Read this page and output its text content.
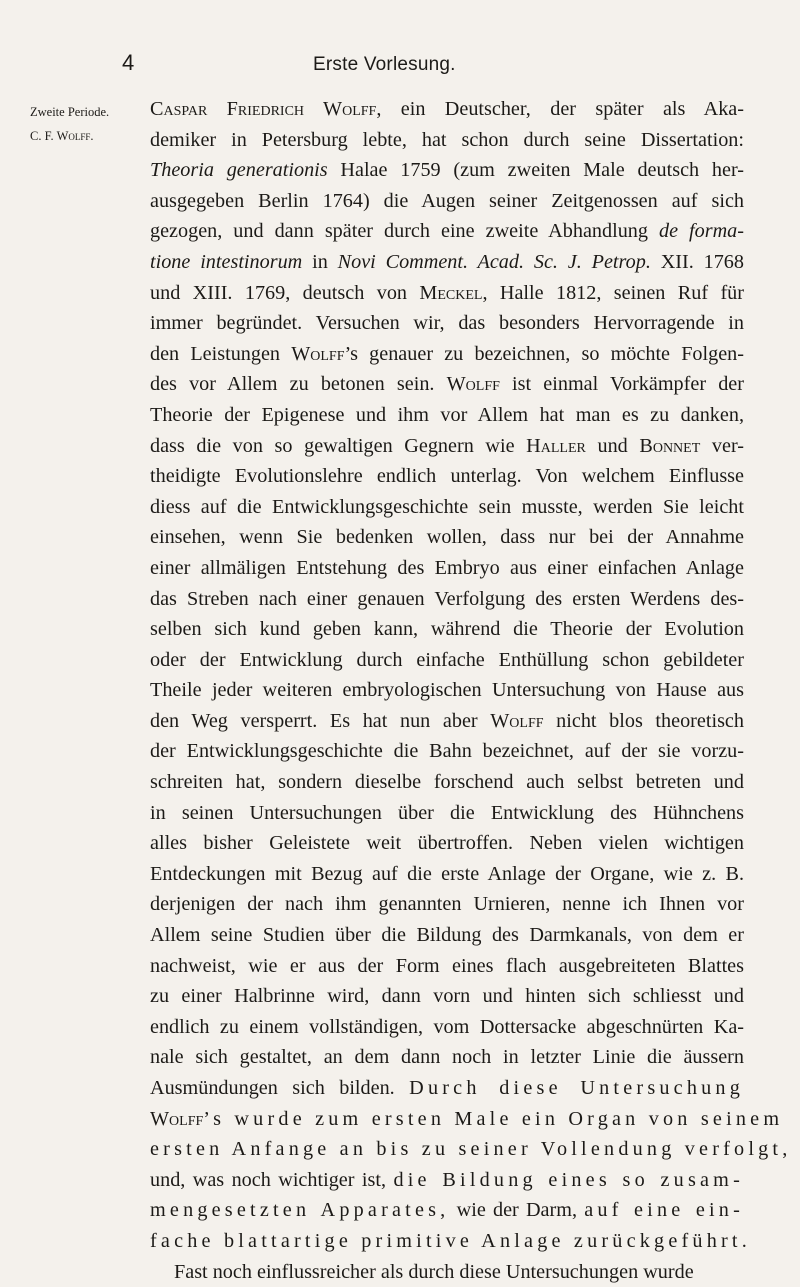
4	Erste Vorlesung.
Zweite Periode.
C. F. Wolff.
Caspar Friedrich Wolff, ein Deutscher, der später als Aka-
demiker in Petersburg lebte, hat schon durch seine Dissertation:
Theoria generationis Halae 1759 (zum zweiten Male deutsch her-
ausgegeben Berlin 1764) die Augen seiner Zeitgenossen auf sich
gezogen, und dann später durch eine zweite Abhandlung de forma-
tione intestinorum in Novi Comment. Acad. Sc. J. Petrop. XII. 1768
und XIII. 1769, deutsch von Meckel, Halle 1812, seinen Ruf für
immer begründet. Versuchen wir, das besonders Hervorragende in
den Leistungen Wolff’s genauer zu bezeichnen, so möchte Folgen-
des vor Allem zu betonen sein. Wolff ist einmal Vorkämpfer der
Theorie der Epigenese und ihm vor Allem hat man es zu danken,
dass die von so gewaltigen Gegnern wie Haller und Bonnet ver-
theidigte Evolutionslehre endlich unterlag. Von welchem Einflusse
diess auf die Entwicklungsgeschichte sein musste, werden Sie leicht
einsehen, wenn Sie bedenken wollen, dass nur bei der Annahme
einer allmäligen Entstehung des Embryo aus einer einfachen Anlage
das Streben nach einer genauen Verfolgung des ersten Werdens des-
selben sich kund geben kann, während die Theorie der Evolution
oder der Entwicklung durch einfache Enthüllung schon gebildeter
Theile jeder weiteren embryologischen Untersuchung von Hause aus
den Weg versperrt. Es hat nun aber Wolff nicht blos theoretisch
der Entwicklungsgeschichte die Bahn bezeichnet, auf der sie vorzu-
schreiten hat, sondern dieselbe forschend auch selbst betreten und
in seinen Untersuchungen über die Entwicklung des Hühnchens
alles bisher Geleistete weit übertroffen. Neben vielen wichtigen
Entdeckungen mit Bezug auf die erste Anlage der Organe, wie z. B.
derjenigen der nach ihm genannten Urnieren, nenne ich Ihnen vor
Allem seine Studien über die Bildung des Darmkanals, von dem er
nachweist, wie er aus der Form eines flach ausgebreiteten Blattes
zu einer Halbrinne wird, dann vorn und hinten sich schliesst und
endlich zu einem vollständigen, vom Dottersacke abgeschnürten Ka-
nale sich gestaltet, an dem dann noch in letzter Linie die äussern
Ausmündungen sich bilden. Durch diese Untersuchung
Wolff’s wurde zum ersten Male ein Organ von seinem
ersten Anfange an bis zu seiner Vollendung verfolgt,
und, was noch wichtiger ist, die Bildung eines so zusam-
mengesetzten Apparates, wie der Darm, auf eine ein-
fache blattartige primitive Anlage zurückgeführt.
Fast noch einflussreicher als durch diese Untersuchungen wurde
